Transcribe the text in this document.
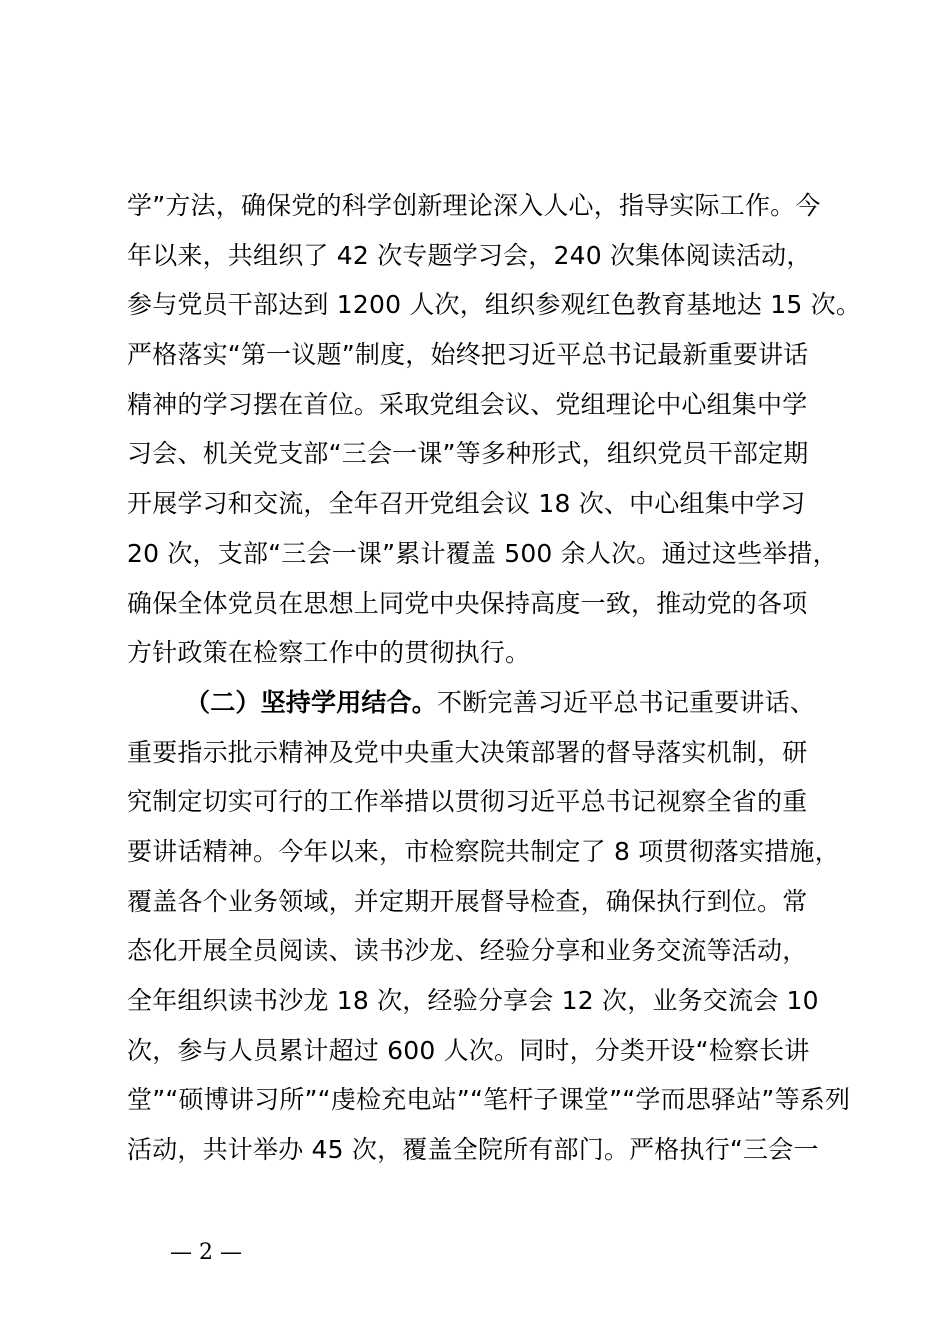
学”方法，确保党的科学创新理论深入人心，指导实际工作。今
年以来，共组织了 42 次专题学习会，240 次集体阅读活动，
参与党员干部达到 1200 人次，组织参观红色教育基地达 15 次。
严格落实“第一议题”制度，始终把习近平总书记最新重要讲话
精神的学习摆在首位。采取党组会议、党组理论中心组集中学
习会、机关党支部“三会一课”等多种形式，组织党员干部定期
开展学习和交流，全年召开党组会议 18 次、中心组集中学习
20 次，支部“三会一课”累计覆盖 500 余人次。通过这些举措，
确保全体党员在思想上同党中央保持高度一致，推动党的各项
方针政策在检察工作中的贯彻执行。
（二）坚持学用结合。不断完善习近平总书记重要讲话、
重要指示批示精神及党中央重大决策部署的督导落实机制，研
究制定切实可行的工作举措以贯彻习近平总书记视察全省的重
要讲话精神。今年以来，市检察院共制定了 8 项贯彻落实措施，
覆盖各个业务领域，并定期开展督导检查，确保执行到位。常
态化开展全员阅读、读书沙龙、经验分享和业务交流等活动，
全年组织读书沙龙 18 次，经验分享会 12 次，业务交流会 10
次，参与人员累计超过 600 人次。同时，分类开设“检察长讲
堂”“硕博讲习所”“虔检充电站”“笔杆子课堂”“学而思驿站”等系列
活动，共计举办 45 次，覆盖全院所有部门。严格执行“三会一
— 2 —
